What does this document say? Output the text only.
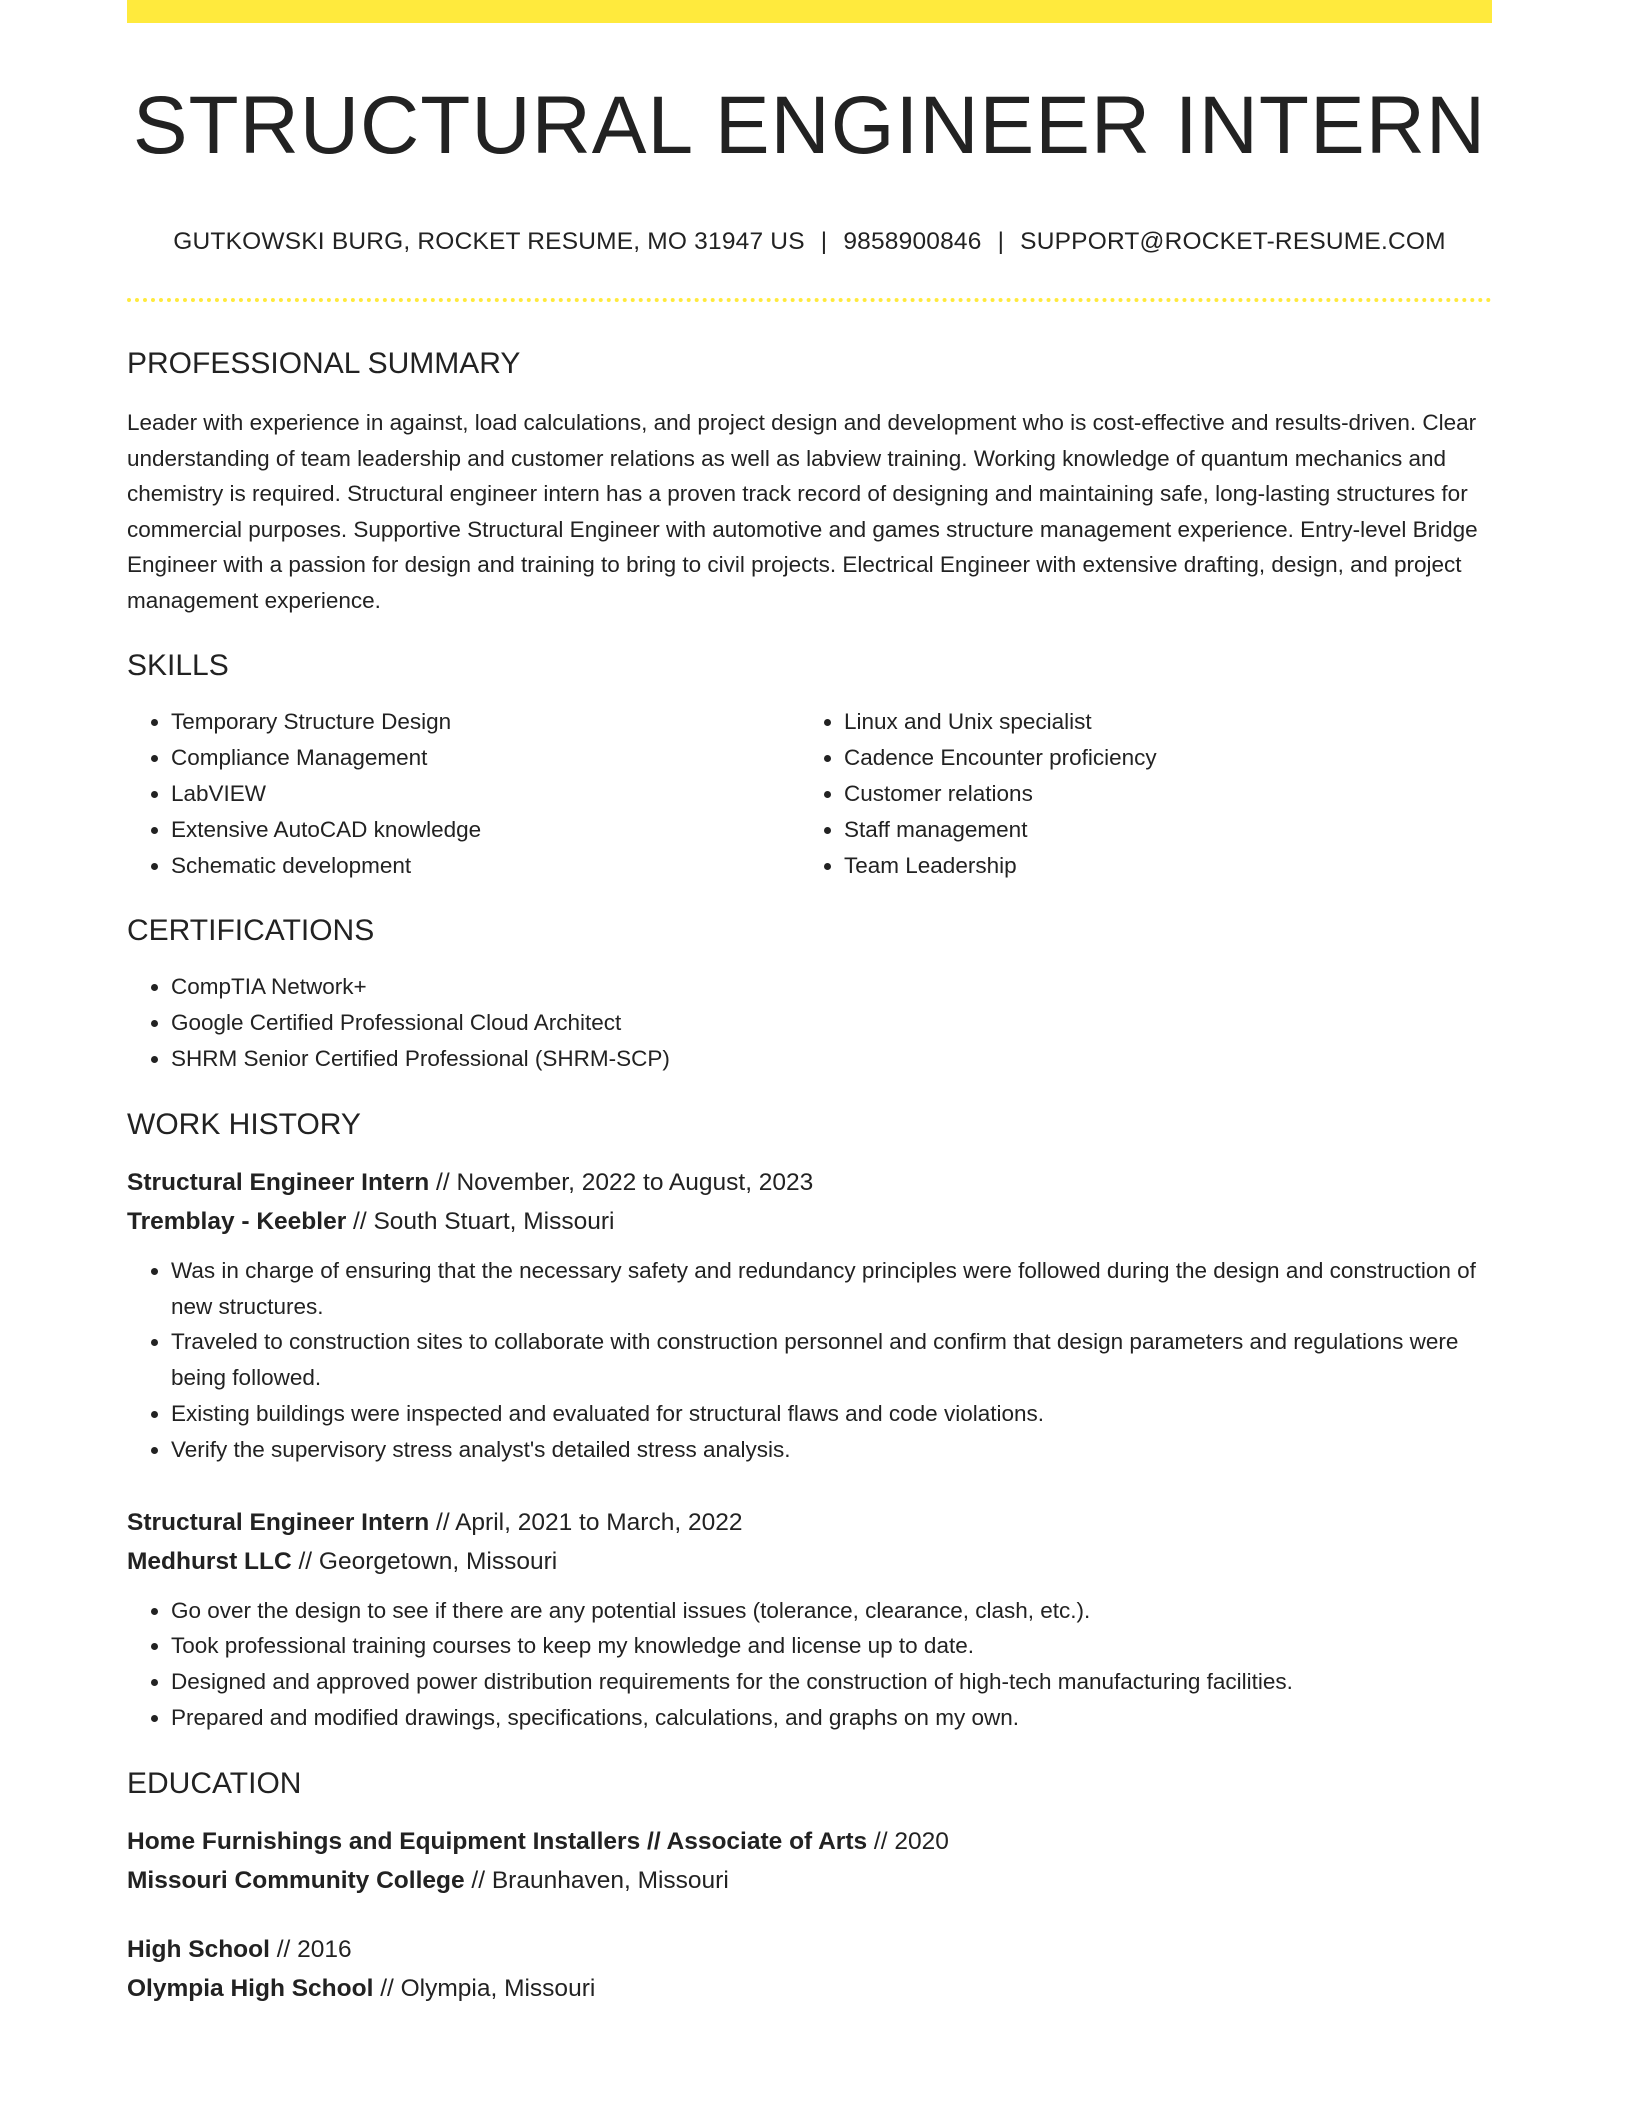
STRUCTURAL ENGINEER INTERN
GUTKOWSKI BURG, ROCKET RESUME, MO 31947 US | 9858900846 | SUPPORT@ROCKET-RESUME.COM
PROFESSIONAL SUMMARY
Leader with experience in against, load calculations, and project design and development who is cost-effective and results-driven. Clear understanding of team leadership and customer relations as well as labview training. Working knowledge of quantum mechanics and chemistry is required. Structural engineer intern has a proven track record of designing and maintaining safe, long-lasting structures for commercial purposes. Supportive Structural Engineer with automotive and games structure management experience. Entry-level Bridge Engineer with a passion for design and training to bring to civil projects. Electrical Engineer with extensive drafting, design, and project management experience.
SKILLS
• Temporary Structure Design
• Compliance Management
• LabVIEW
• Extensive AutoCAD knowledge
• Schematic development
• Linux and Unix specialist
• Cadence Encounter proficiency
• Customer relations
• Staff management
• Team Leadership
CERTIFICATIONS
• CompTIA Network+
• Google Certified Professional Cloud Architect
• SHRM Senior Certified Professional (SHRM-SCP)
WORK HISTORY
Structural Engineer Intern // November, 2022 to August, 2023
Tremblay - Keebler // South Stuart, Missouri
• Was in charge of ensuring that the necessary safety and redundancy principles were followed during the design and construction of new structures.
• Traveled to construction sites to collaborate with construction personnel and confirm that design parameters and regulations were being followed.
• Existing buildings were inspected and evaluated for structural flaws and code violations.
• Verify the supervisory stress analyst's detailed stress analysis.
Structural Engineer Intern // April, 2021 to March, 2022
Medhurst LLC // Georgetown, Missouri
• Go over the design to see if there are any potential issues (tolerance, clearance, clash, etc.).
• Took professional training courses to keep my knowledge and license up to date.
• Designed and approved power distribution requirements for the construction of high-tech manufacturing facilities.
• Prepared and modified drawings, specifications, calculations, and graphs on my own.
EDUCATION
Home Furnishings and Equipment Installers // Associate of Arts // 2020
Missouri Community College // Braunhaven, Missouri
High School // 2016
Olympia High School // Olympia, Missouri
